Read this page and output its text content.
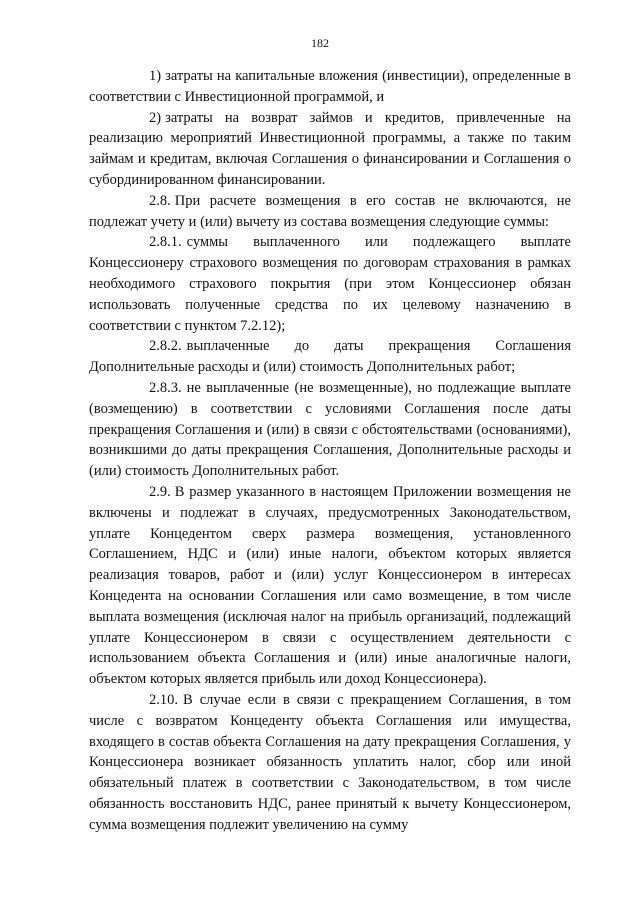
182

1) затраты на капитальные вложения (инвестиции), определенные в соответствии с Инвестиционной программой, и

2) затраты на возврат займов и кредитов, привлеченные на реализацию мероприятий Инвестиционной программы, а также по таким займам и кредитам, включая Соглашения о финансировании и Соглашения о субординированном финансировании.

2.8. При расчете возмещения в его состав не включаются, не подлежат учету и (или) вычету из состава возмещения следующие суммы:

2.8.1. суммы выплаченного или подлежащего выплате Концессионеру страхового возмещения по договорам страхования в рамках необходимого страхового покрытия (при этом Концессионер обязан использовать полученные средства по их целевому назначению в соответствии с пунктом 7.2.12);

2.8.2. выплаченные до даты прекращения Соглашения Дополнительные расходы и (или) стоимость Дополнительных работ;

2.8.3. не выплаченные (не возмещенные), но подлежащие выплате (возмещению) в соответствии с условиями Соглашения после даты прекращения Соглашения и (или) в связи с обстоятельствами (основаниями), возникшими до даты прекращения Соглашения, Дополнительные расходы и (или) стоимость Дополнительных работ.

2.9. В размер указанного в настоящем Приложении возмещения не включены и подлежат в случаях, предусмотренных Законодательством, уплате Концедентом сверх размера возмещения, установленного Соглашением, НДС и (или) иные налоги, объектом которых является реализация товаров, работ и (или) услуг Концессионером в интересах Концедента на основании Соглашения или само возмещение, в том числе выплата возмещения (исключая налог на прибыль организаций, подлежащий уплате Концессионером в связи с осуществлением деятельности с использованием объекта Соглашения и (или) иные аналогичные налоги, объектом которых является прибыль или доход Концессионера).

2.10. В случае если в связи с прекращением Соглашения, в том числе с возвратом Концеденту объекта Соглашения или имущества, входящего в состав объекта Соглашения на дату прекращения Соглашения, у Концессионера возникает обязанность уплатить налог, сбор или иной обязательный платеж в соответствии с Законодательством, в том числе обязанность восстановить НДС, ранее принятый к вычету Концессионером, сумма возмещения подлежит увеличению на сумму
